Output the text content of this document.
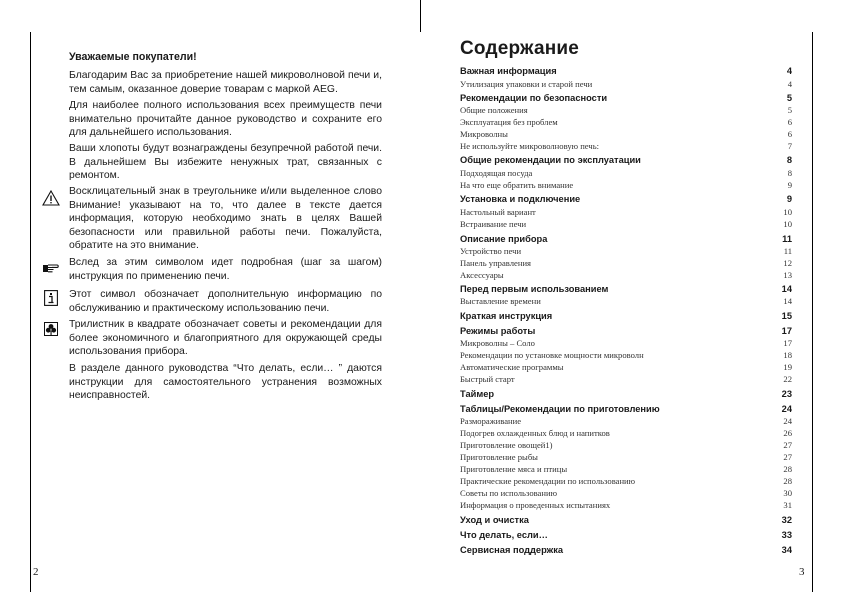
Уважаемые покупатели!

Благодарим Вас за приобретение нашей микроволновой печи и, тем самым, оказанное доверие товарам с маркой AEG.

Для наиболее полного использования всех преимуществ печи внимательно прочитайте данное руководство и сохраните его для дальнейшего использования.

Ваши хлопоты будут вознаграждены безупречной работой печи. В дальнейшем Вы избежите ненужных трат, связанных с ремонтом.

Восклицательный знак в треугольнике и/или выделенное слово Внимание! указывают на то, что далее в тексте дается информация, которую необходимо знать в целях Вашей безопасности или правильной работы печи. Пожалуйста, обратите на это внимание.

Вслед за этим символом идет подробная (шаг за шагом) инструкция по применению печи.

Этот символ обозначает дополнительную информацию по обслуживанию и практическому использованию печи.

Трилистник в квадрате обозначает советы и рекомендации для более экономичного и благоприятного для окружающей среды использования прибора.

В разделе данного руководства “Что делать, если… ” даются инструкции для самостоятельного устранения возможных неисправностей.

2
Содержание
Важная информация	4
Утилизация упаковки и старой печи	4
Рекомендации по безопасности	5
Общие положения	5
Эксплуатация без проблем	6
Микроволны	6
Не используйте микроволновую печь:	7
Общие рекомендации по эксплуатации	8
Подходящая посуда	8
На что еще обратить внимание	9
Установка и подключение	9
Настольный вариант	10
Встраивание печи	10
Описание прибора	11
Устройство печи	11
Панель управления	12
Аксессуары	13
Перед первым использованием	14
Выставление времени	14
Краткая инструкция	15
Режимы работы	17
Микроволны – Соло	17
Рекомендации по установке мощности микроволн	18
Автоматические программы	19
Быстрый старт	22
Таймер	23
Таблицы/Рекомендации по приготовлению	24
Размораживание	24
Подогрев охлажденных блюд и напитков	26
Приготовление овощей1)	27
Приготовление рыбы	27
Приготовление мяса и птицы	28
Практические рекомендации по использованию	28
Советы по использованию	30
Информация о проведенных испытаниях	31
Уход и очистка	32
Что делать, если…	33
Сервисная поддержка	34
3
